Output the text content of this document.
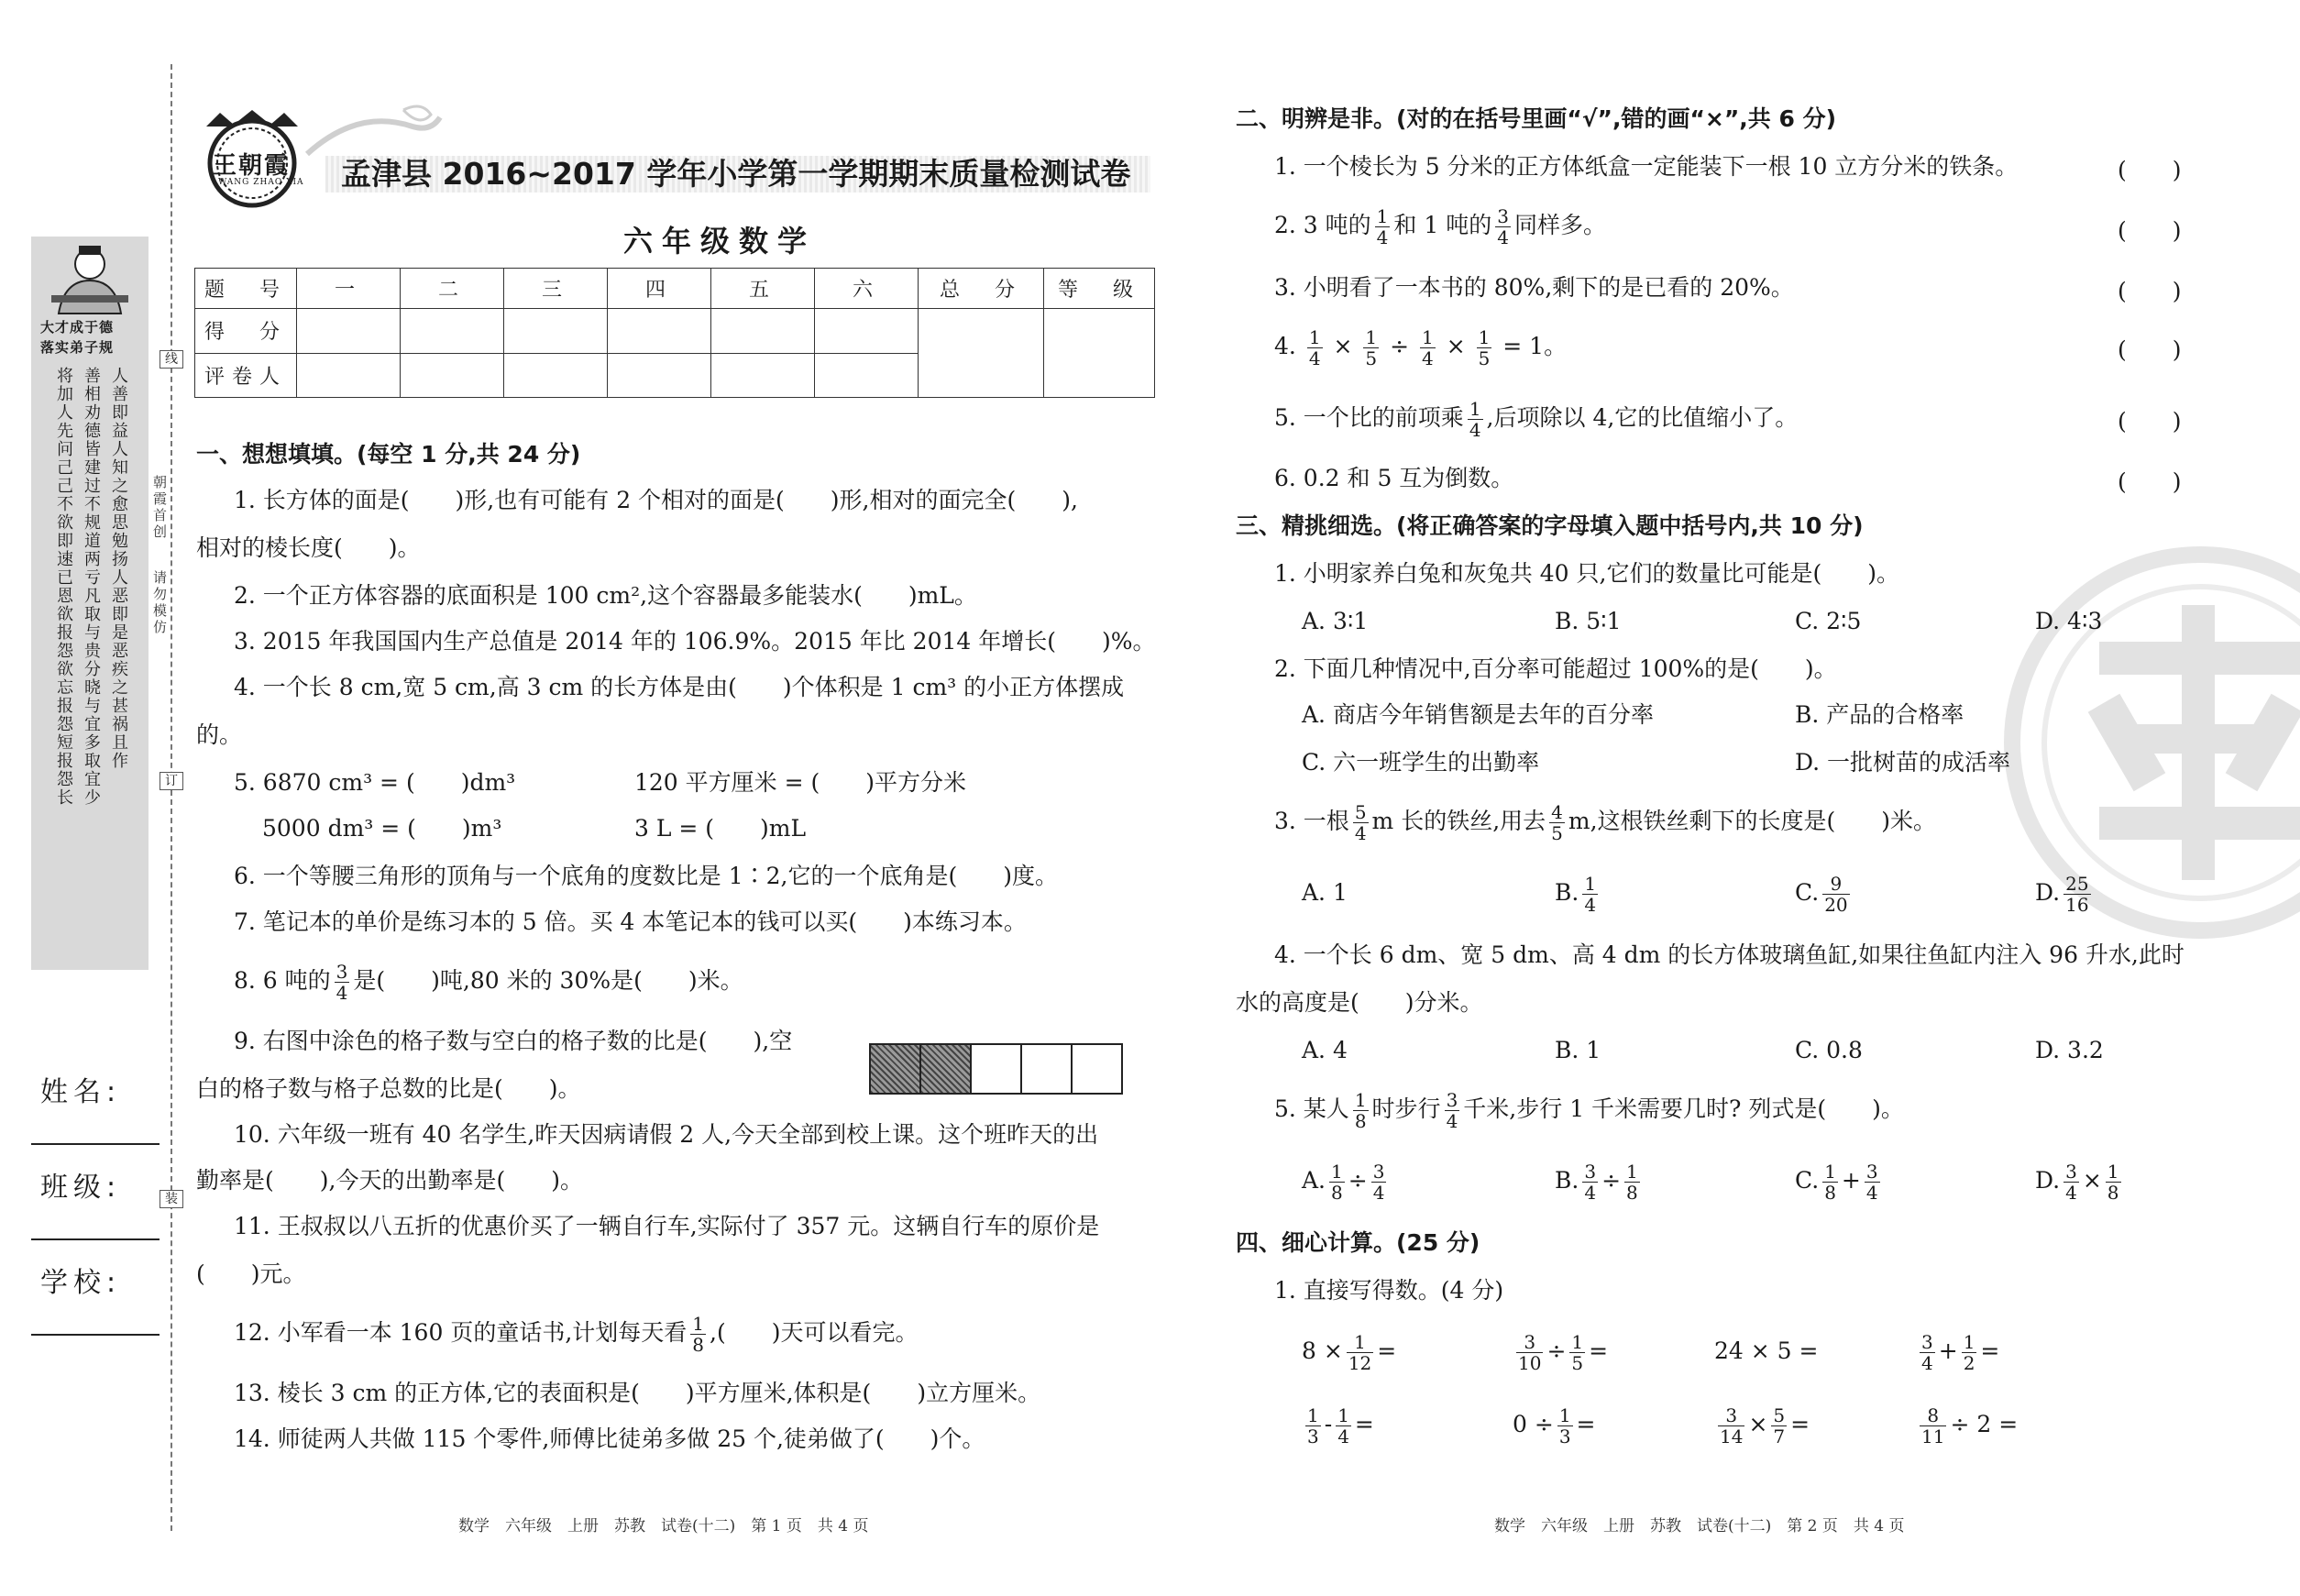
王朝霞
WANG ZHAO XIA 孟津县 2016~2017 学年小学第一学期期末质量检测试卷
六年级数学
大才成于德
落实弟子规
将加人先问己己不欲即速已恩欲报怨欲忘报怨短报怨长 善相劝德皆建过不规道两亏凡取与贵分晓与宜多取宜少 人善即益人知之愈思勉扬人恶即是恶疾之甚祸且作
姓名:
班级:
学校:
线
订
装
朝霞首创
请勿模仿
题　号	一	二	三	四	五	六	总　分	等　级
得　分								
评卷人								
一、想想填填。(每空 1 分,共 24 分)
1. 长方体的面是(　　)形,也有可能有 2 个相对的面是(　　)形,相对的面完全(　　),
相对的棱长度(　　)。
2. 一个正方体容器的底面积是 100 cm²,这个容器最多能装水(　　)mL。
3. 2015 年我国国内生产总值是 2014 年的 106.9%。2015 年比 2014 年增长(　　)%。
4. 一个长 8 cm,宽 5 cm,高 3 cm 的长方体是由(　　)个体积是 1 cm³ 的小正方体摆成
的。
5. 6870 cm³ = (　　)dm³	120 平方厘米 = (　　)平方分米
5000 dm³ = (　　)m³	3 L = (　　)mL
6. 一个等腰三角形的顶角与一个底角的度数比是 1∶2,它的一个底角是(　　)度。
7. 笔记本的单价是练习本的 5 倍。买 4 本笔记本的钱可以买(　　)本练习本。
8. 6 吨的 $\frac{3}{4}$ 是(　　)吨,80 米的 30%是(　　)米。
9. 右图中涂色的格子数与空白的格子数的比是(　　),空
白的格子数与格子总数的比是(　　)。
10. 六年级一班有 40 名学生,昨天因病请假 2 人,今天全部到校上课。这个班昨天的出
勤率是(　　),今天的出勤率是(　　)。
11. 王叔叔以八五折的优惠价买了一辆自行车,实际付了 357 元。这辆自行车的原价是
(　　)元。
12. 小军看一本 160 页的童话书,计划每天看 $\frac{1}{8}$ ,(　　)天可以看完。
13. 棱长 3 cm 的正方体,它的表面积是(　　)平方厘米,体积是(　　)立方厘米。
14. 师徒两人共做 115 个零件,师傅比徒弟多做 25 个,徒弟做了(　　)个。
数学　六年级　上册　苏教　试卷(十二)　第 1 页　共 4 页
二、明辨是非。(对的在括号里画“√”,错的画“×”,共 6 分)
1. 一个棱长为 5 分米的正方体纸盒一定能装下一根 10 立方分米的铁条。	(　　)
2. 3 吨的 $\frac{1}{4}$ 和 1 吨的 $\frac{3}{4}$ 同样多。	(　　)
3. 小明看了一本书的 80%,剩下的是已看的 20%。	(　　)
4. $\frac{1}{4} \times \frac{1}{5} \div \frac{1}{4} \times \frac{1}{5} = 1$。	(　　)
5. 一个比的前项乘 $\frac{1}{4}$ ,后项除以 4,它的比值缩小了。	(　　)
6. 0.2 和 5 互为倒数。	(　　)
三、精挑细选。(将正确答案的字母填入题中括号内,共 10 分)
1. 小明家养白兔和灰兔共 40 只,它们的数量比可能是(　　)。
A. 3∶1	B. 5∶1	C. 2∶5	D. 4∶3
2. 下面几种情况中,百分率可能超过 100%的是(　　)。
A. 商店今年销售额是去年的百分率	B. 产品的合格率
C. 六一班学生的出勤率	D. 一批树苗的成活率
3. 一根 $\frac{5}{4}$ m 长的铁丝,用去 $\frac{4}{5} m$,这根铁丝剩下的长度是(　　)米。
A. 1	B. $\frac{1}{4}$	C. $\frac{9}{20}$	D. $\frac{25}{16}$
4. 一个长 6 dm、宽 5 dm、高 4 dm 的长方体玻璃鱼缸,如果往鱼缸内注入 96 升水,此时
水的高度是(　　)分米。
A. 4	B. 1	C. 0.8	D. 3.2
5. 某人 $\frac{1}{8}$ 时步行 $\frac{3}{4}$ 千米,步行 1 千米需要几时? 列式是(　　)。
A. $\frac{1}{8} \div \frac{3}{4}$	B. $\frac{3}{4} \div \frac{1}{8}$	C. $\frac{1}{8} + \frac{3}{4}$	D. $\frac{3}{4} \times \frac{1}{8}$
四、细心计算。(25 分)
1. 直接写得数。(4 分)
$8 \times \frac{1}{12}$ =	$\frac{3}{10} \div \frac{1}{5}$ =	24 × 5 =	$\frac{3}{4} + \frac{1}{2}$ =
$\frac{1}{3} - \frac{1}{4}$ =	$0 \div \frac{1}{3}$ =	$\frac{3}{14} \times \frac{5}{7}$ =	$\frac{8}{11} \div 2$ =
数学　六年级　上册　苏教　试卷(十二)　第 2 页　共 4 页
